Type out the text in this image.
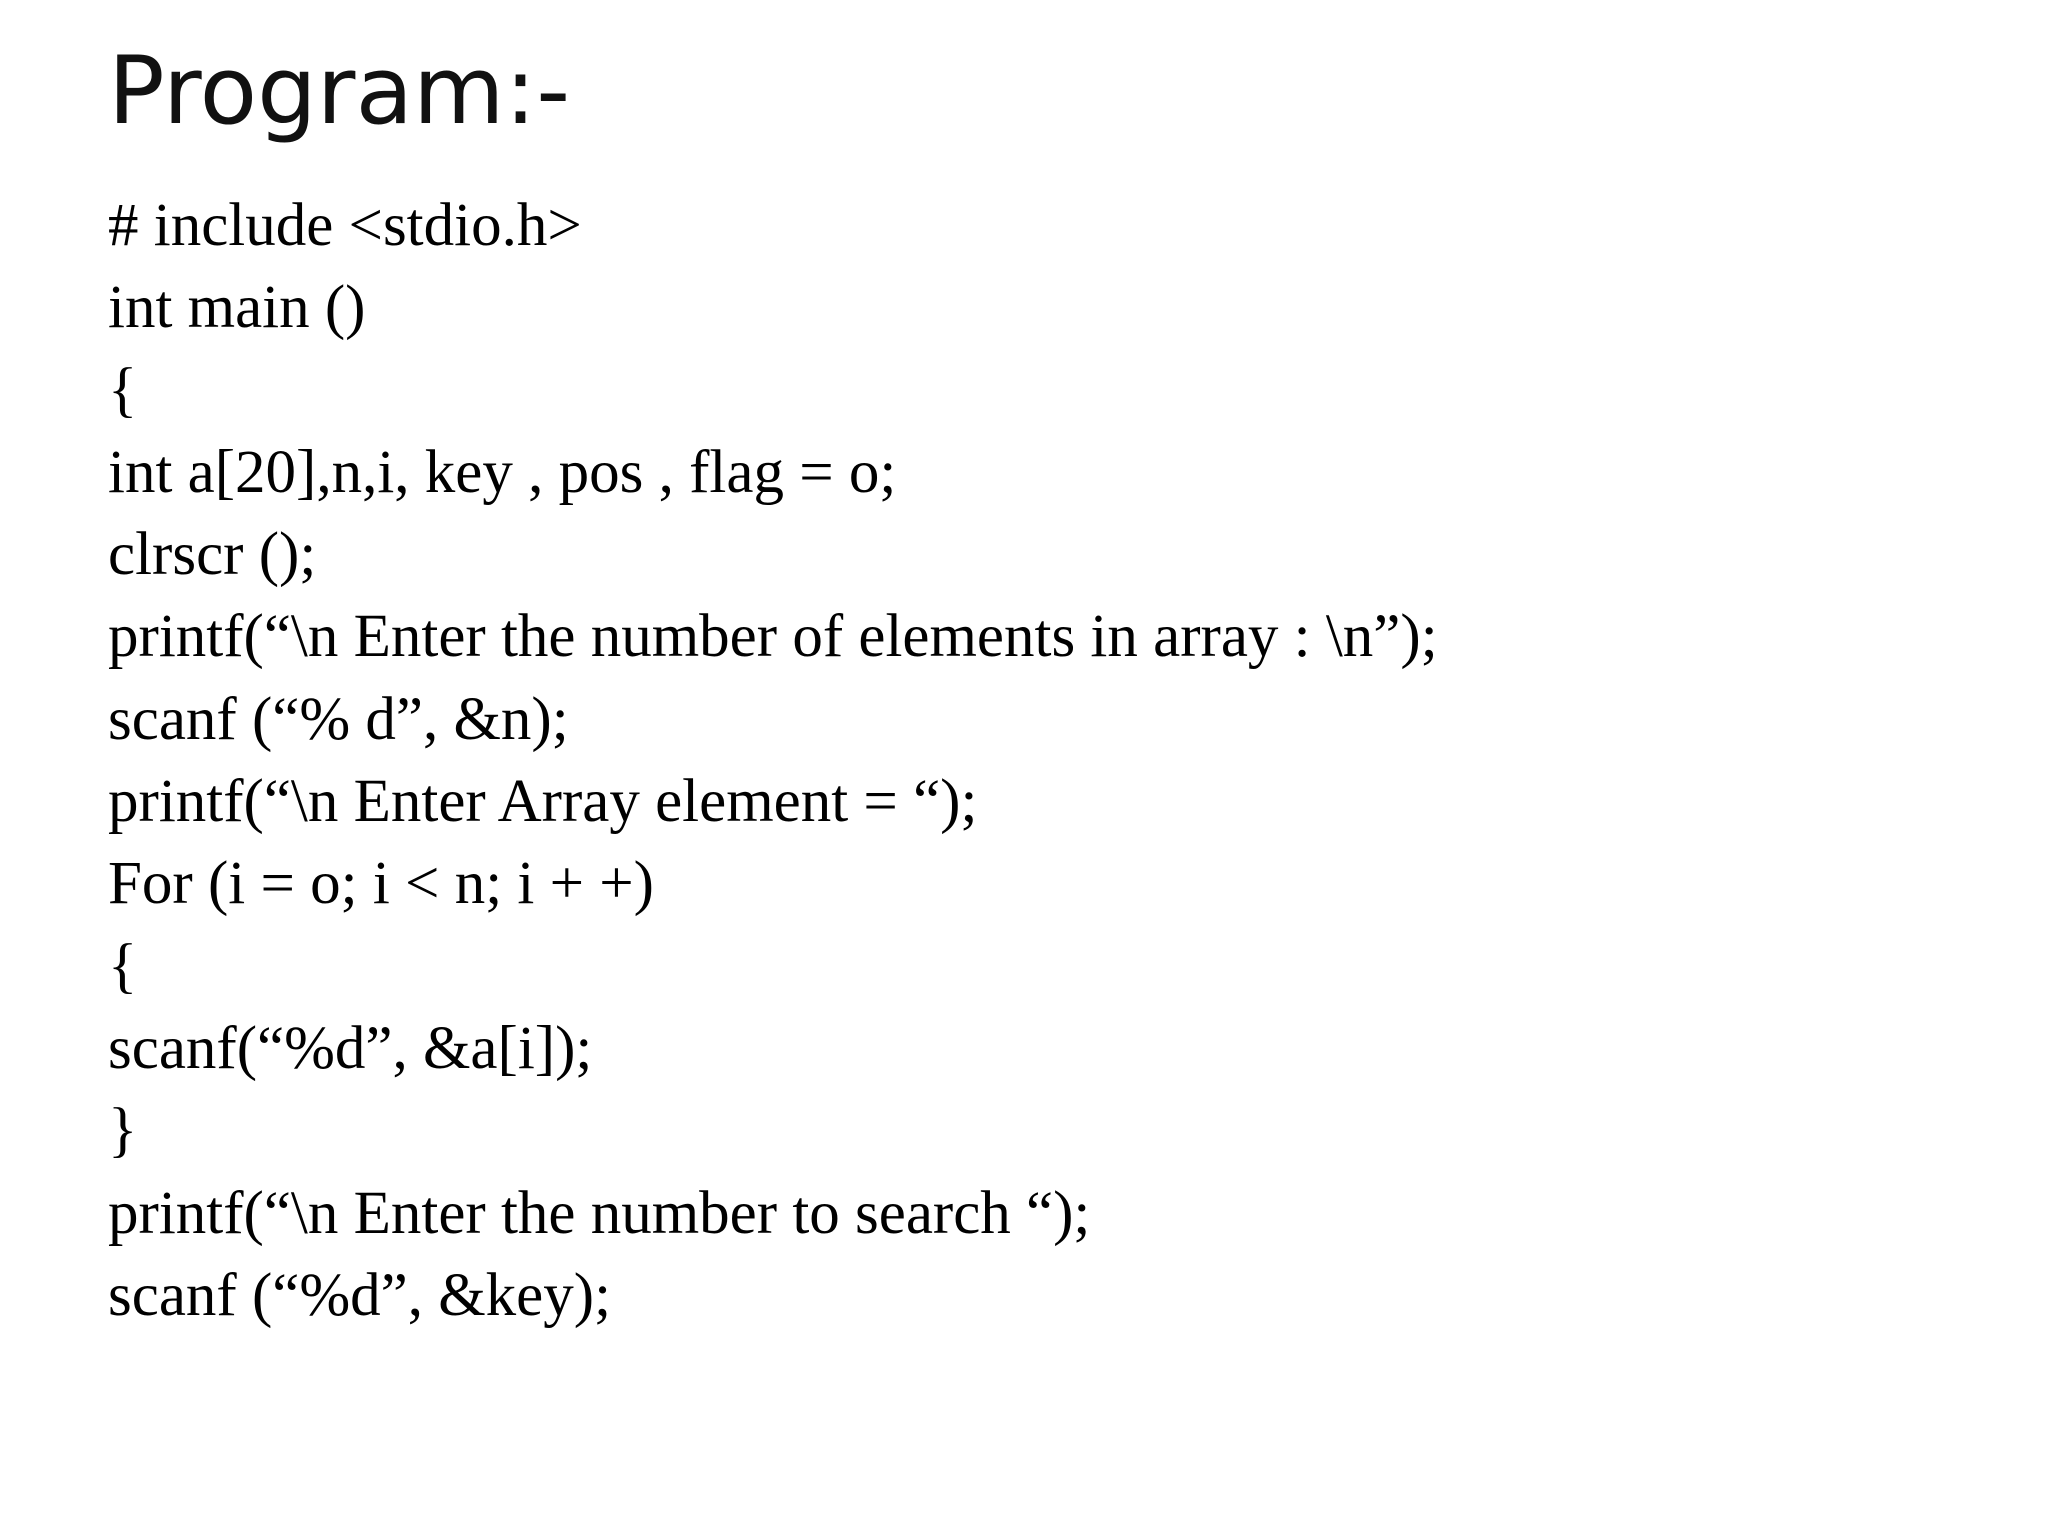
Program:-
# include <stdio.h>
int main ()
{
int a[20],n,i, key , pos , flag = o;
clrscr ();
printf(“\n Enter the number of elements in array : \n”);
scanf (“% d”, &n);
printf(“\n Enter Array element = “);
For (i = o; i < n; i + +)
{
scanf(“%d”, &a[i]);
}
printf(“\n Enter the number to search “);
scanf (“%d”, &key);
